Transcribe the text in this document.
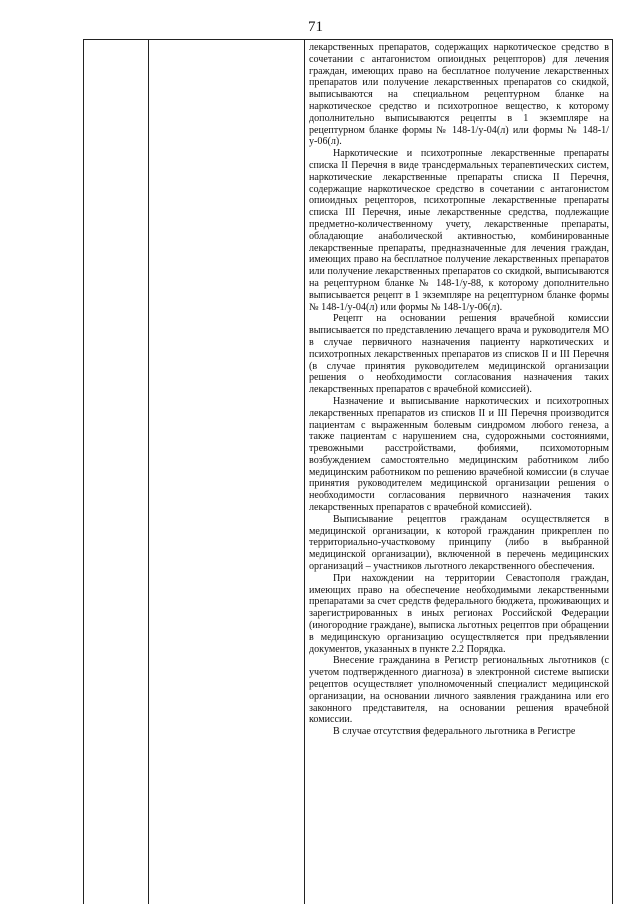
71

лекарственных препаратов, содержащих наркотическое средство в сочетании с антагонистом опиоидных рецепторов) для лечения граждан, имеющих право на бесплатное получение лекарственных препаратов или получение лекарственных препаратов со скидкой, выписываются на специальном рецептурном бланке на наркотическое средство и психотропное вещество, к которому дополнительно выписываются рецепты в 1 экземпляре на рецептурном бланке формы № 148-1/у-04(л) или формы № 148-1/у-06(л).

Наркотические и психотропные лекарственные препараты списка II Перечня в виде трансдермальных терапевтических систем, наркотические лекарственные препараты списка II Перечня, содержащие наркотическое средство в сочетании с антагонистом опиоидных рецепторов, психотропные лекарственные препараты списка III Перечня, иные лекарственные средства, подлежащие предметно-количественному учету, лекарственные препараты, обладающие анаболической активностью, комбинированные лекарственные препараты, предназначенные для лечения граждан, имеющих право на бесплатное получение лекарственных препаратов или получение лекарственных препаратов со скидкой, выписываются на рецептурном бланке № 148-1/у-88, к которому дополнительно выписывается рецепт в 1 экземпляре на рецептурном бланке формы № 148-1/у-04(л) или формы № 148-1/у-06(л).

Рецепт на основании решения врачебной комиссии выписывается по представлению лечащего врача и руководителя МО в случае первичного назначения пациенту наркотических и психотропных лекарственных препаратов из списков II и III Перечня (в случае принятия руководителем медицинской организации решения о необходимости согласования назначения таких лекарственных препаратов с врачебной комиссией).

Назначение и выписывание наркотических и психотропных лекарственных препаратов из списков II и III Перечня производится пациентам с выраженным болевым синдромом любого генеза, а также пациентам с нарушением сна, судорожными состояниями, тревожными расстройствами, фобиями, психомоторным возбуждением самостоятельно медицинским работником либо медицинским работником по решению врачебной комиссии (в случае принятия руководителем медицинской организации решения о необходимости согласования первичного назначения таких лекарственных препаратов с врачебной комиссией).

Выписывание рецептов гражданам осуществляется в медицинской организации, к которой гражданин прикреплен по территориально-участковому принципу (либо в выбранной медицинской организации), включенной в перечень медицинских организаций – участников льготного лекарственного обеспечения.

При нахождении на территории Севастополя граждан, имеющих право на обеспечение необходимыми лекарственными препаратами за счет средств федерального бюджета, проживающих и зарегистрированных в иных регионах Российской Федерации (иногородние граждане), выписка льготных рецептов при обращении в медицинскую организацию осуществляется при предъявлении документов, указанных в пункте 2.2 Порядка.

Внесение гражданина в Регистр региональных льготников (с учетом подтвержденного диагноза) в электронной системе выписки рецептов осуществляет уполномоченный специалист медицинской организации, на основании личного заявления гражданина или его законного представителя, на основании решения врачебной комиссии.

В случае отсутствия федерального льготника в Регистре
